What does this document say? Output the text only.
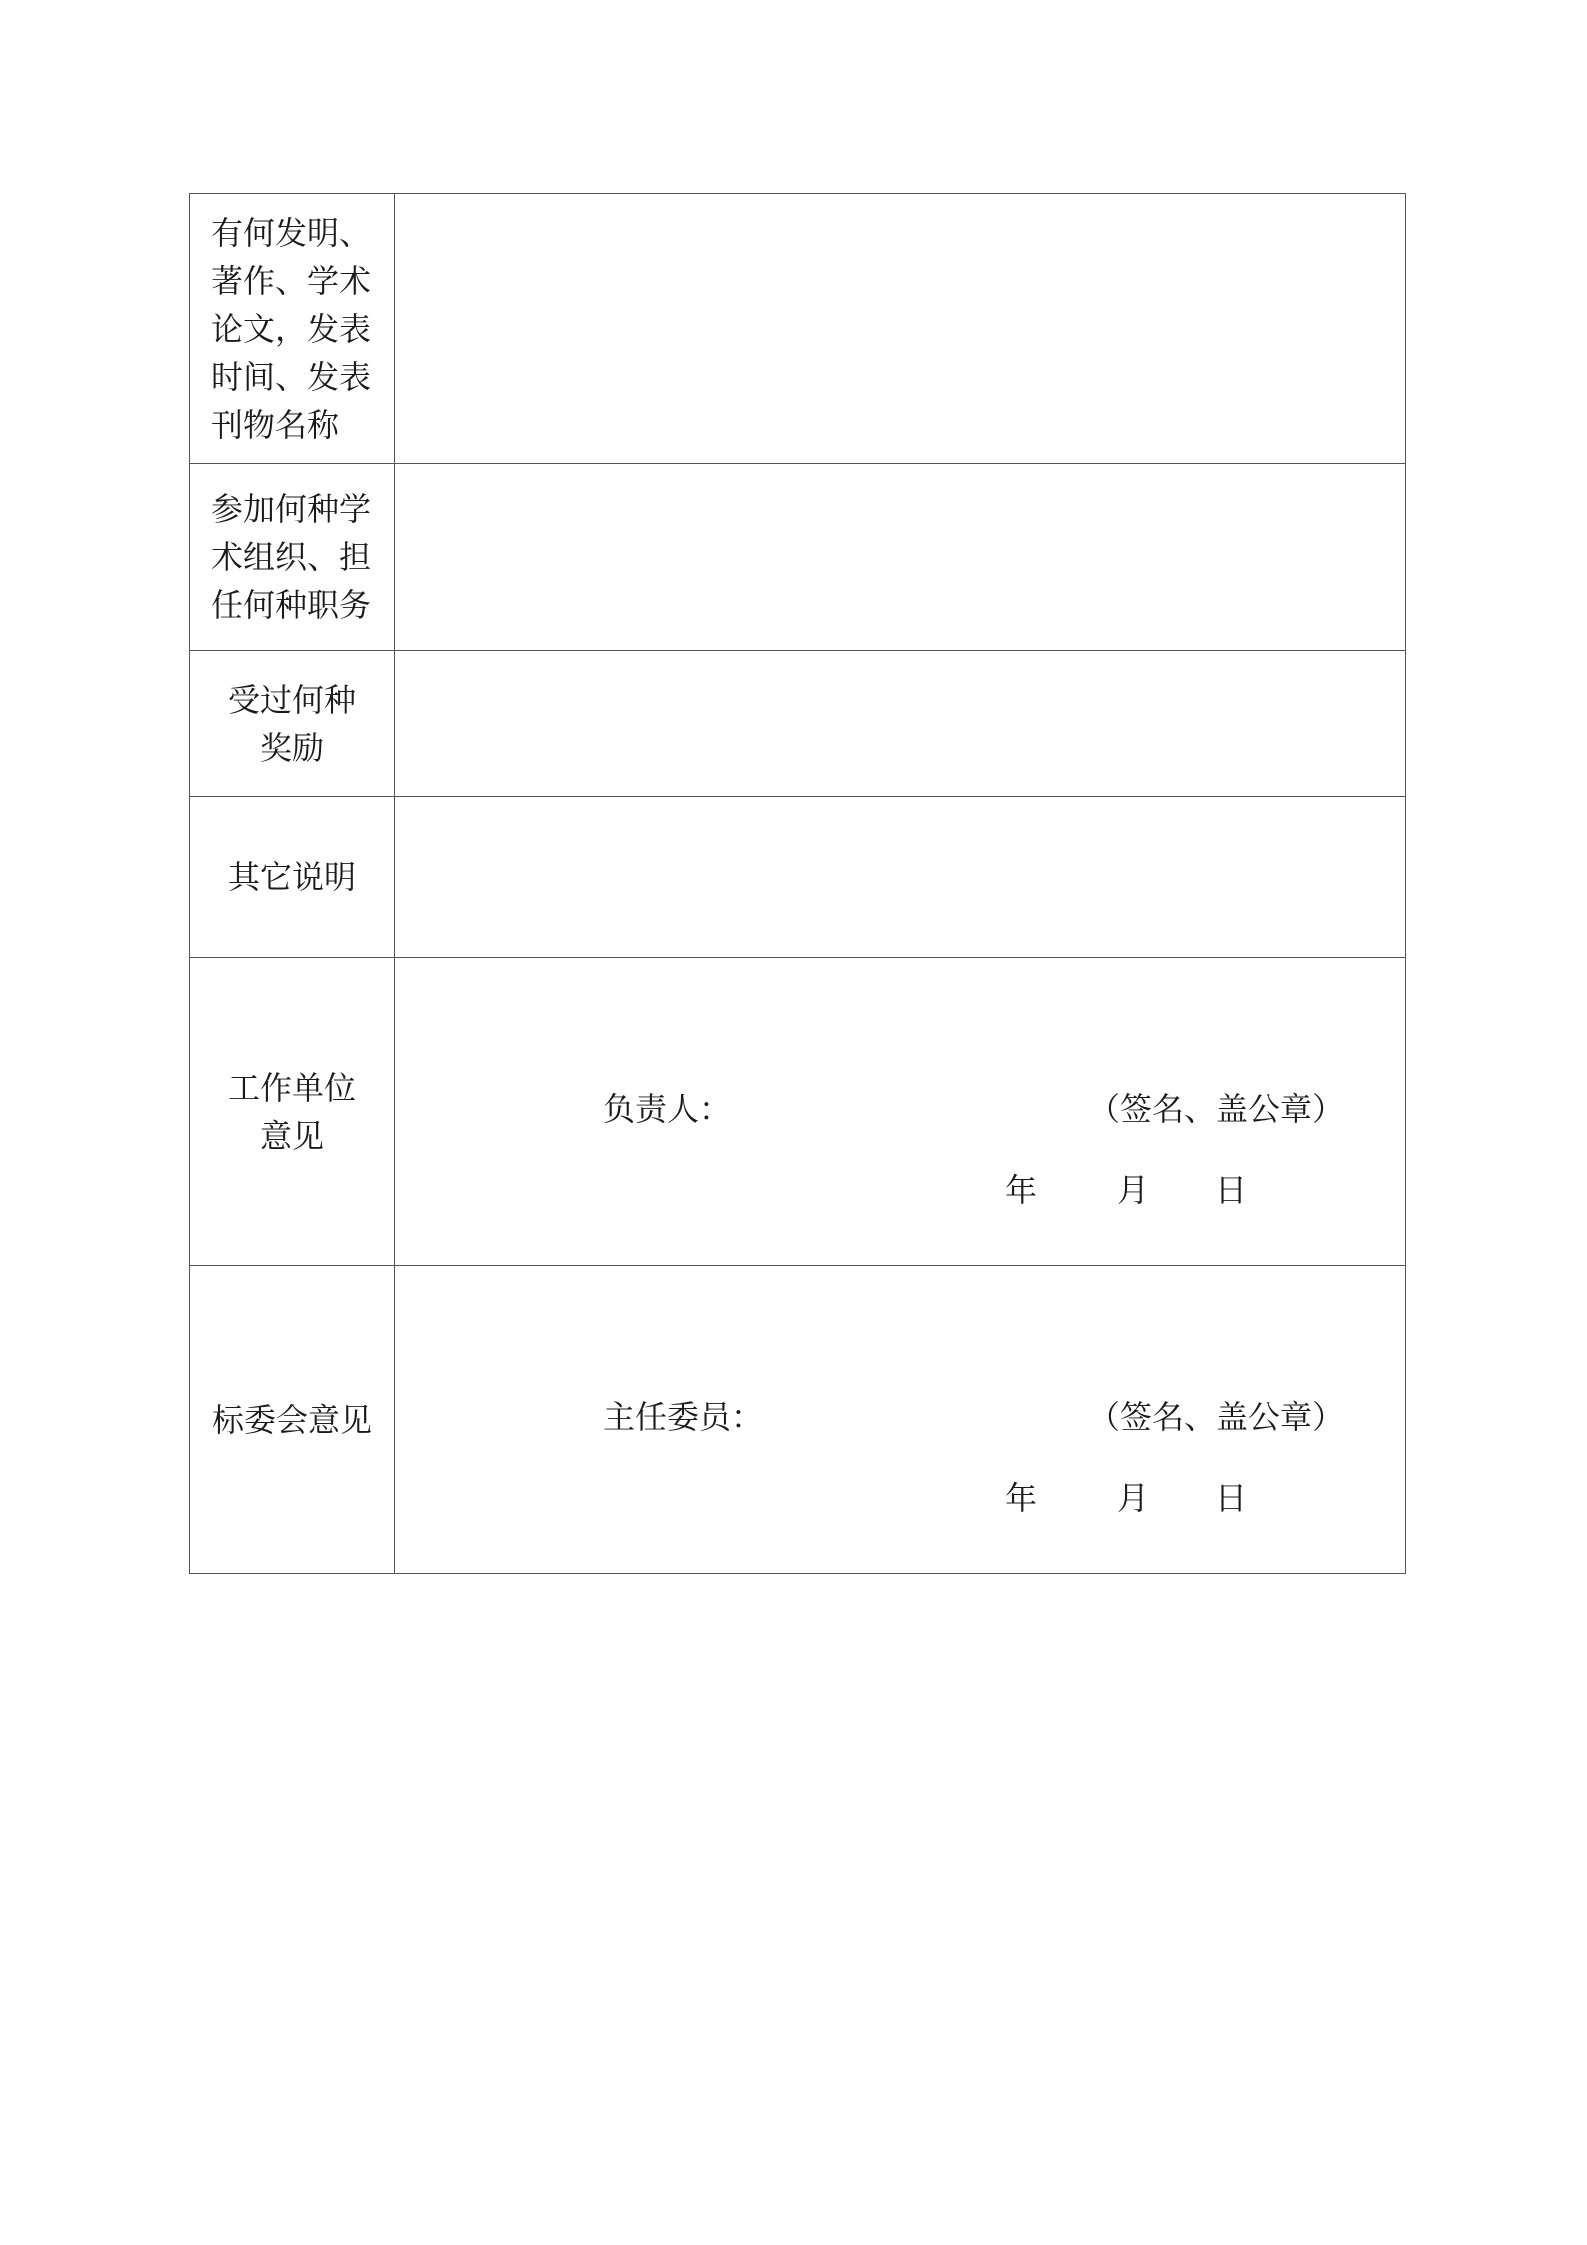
有何发明、著作、学术论文，发表时间、发表刊物名称	

参加何种学术组织、担任何种职务	

受过何种奖励	

其它说明	

工作单位意见	负责人： （签名、盖公章）
年 月 日

标委会意见	主任委员： （签名、盖公章）
年 月 日
